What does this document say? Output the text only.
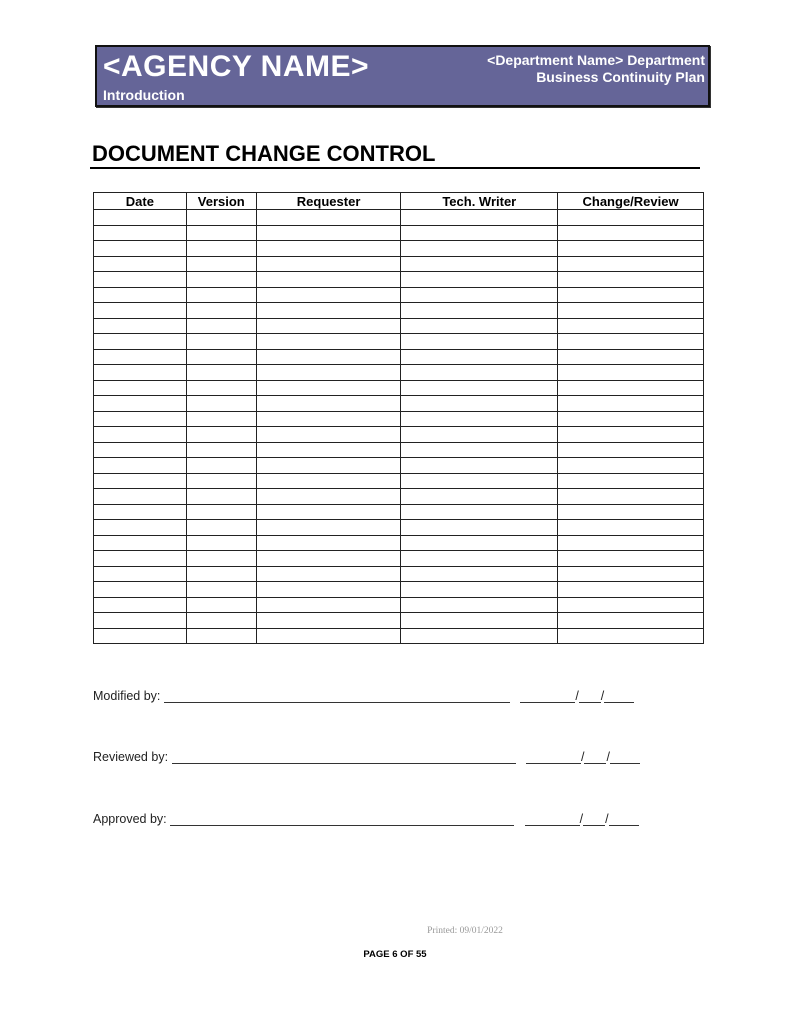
<AGENCY NAME>
Introduction
<Department Name> Department
Business Continuity Plan
DOCUMENT CHANGE CONTROL
Date	Version	Requester	Tech. Writer	Change/Review

Modified by:	/ /
Reviewed by:	/ /
Approved by:	/ /
Printed: 09/01/2022
PAGE 6 OF 55
